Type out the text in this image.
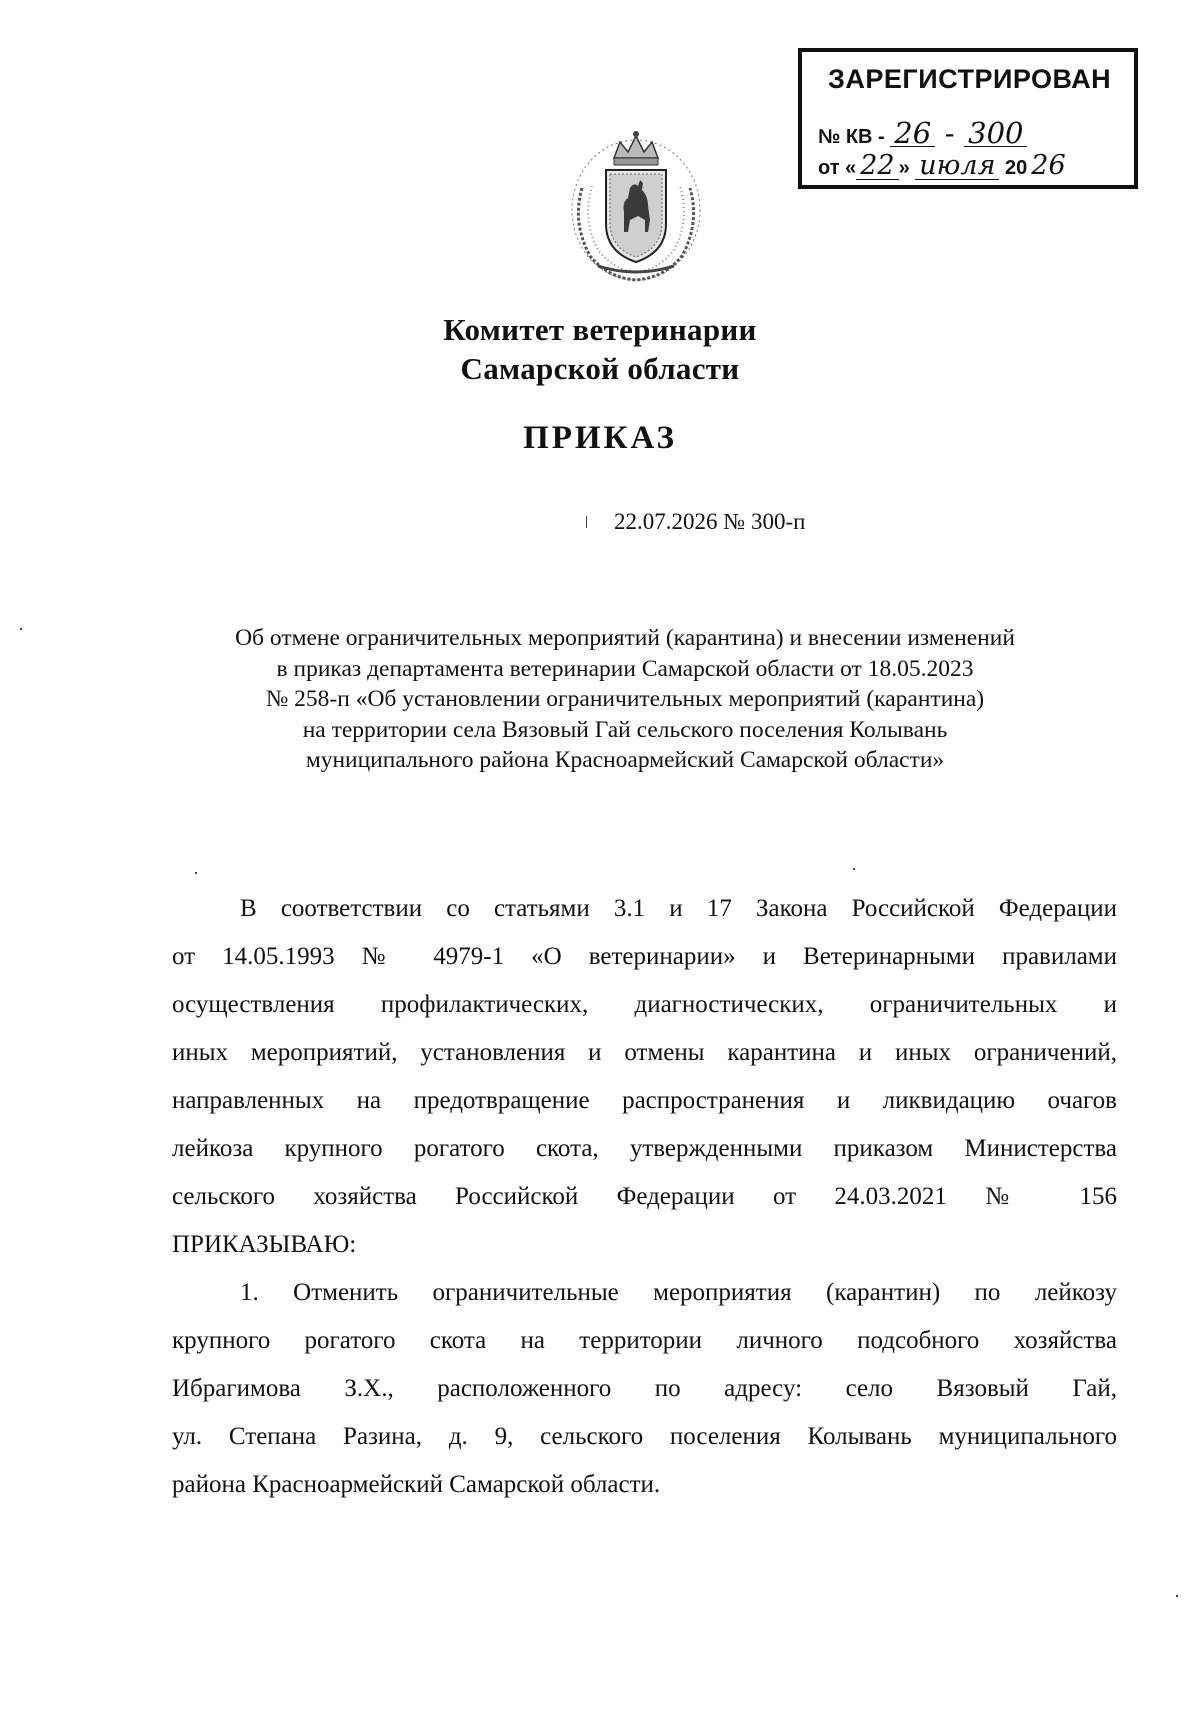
ЗАРЕГИСТРИРОВАН
№ КВ - 26 - 300
от « 22 » июля 20 26
Комитет ветеринарии
Самарской области
ПРИКАЗ
22.07.2026 № 300-п
Об отмене ограничительных мероприятий (карантина) и внесении изменений
в приказ департамента ветеринарии Самарской области от 18.05.2023
№ 258-п «Об установлении ограничительных мероприятий (карантина)
на территории села Вязовый Гай сельского поселения Колывань
муниципального района Красноармейский Самарской области»
В соответствии со статьями 3.1 и 17 Закона Российской Федерации
от 14.05.1993 № 4979-1 «О ветеринарии» и Ветеринарными правилами
осуществления профилактических, диагностических, ограничительных и
иных мероприятий, установления и отмены карантина и иных ограничений,
направленных на предотвращение распространения и ликвидацию очагов
лейкоза крупного рогатого скота, утвержденными приказом Министерства
сельского хозяйства Российской Федерации от 24.03.2021 № 156
ПРИКАЗЫВАЮ:
1. Отменить ограничительные мероприятия (карантин) по лейкозу
крупного рогатого скота на территории личного подсобного хозяйства
Ибрагимова З.Х., расположенного по адресу: село Вязовый Гай,
ул. Степана Разина, д. 9, сельского поселения Колывань муниципального
района Красноармейский Самарской области.
